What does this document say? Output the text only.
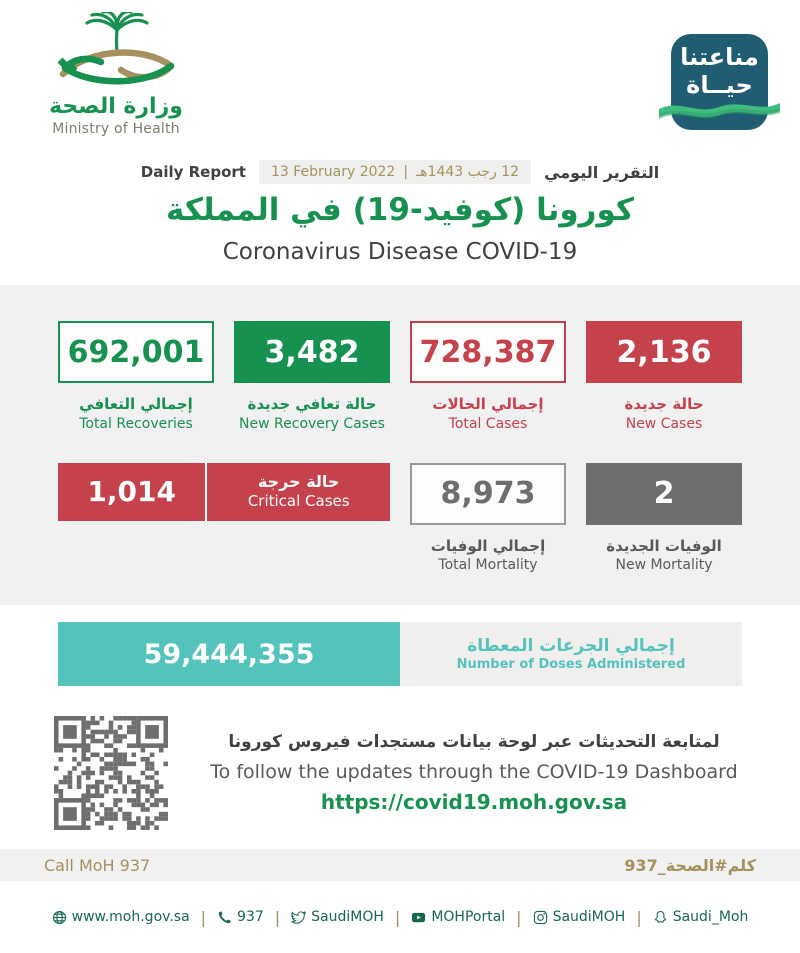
وزارة الصحة
Ministry of Health
مناعتنا
حيــاة
Daily Report 13 February 2022 | 12 رجب 1443هـ التقرير اليومي
كورونا (كوفيد-19) في المملكة
Coronavirus Disease COVID-19
692,001
إجمالي التعافي
Total Recoveries
3,482
حالة تعافي جديدة
New Recovery Cases
728,387
إجمالي الحالات
Total Cases
2,136
حالة جديدة
New Cases
1,014	حالة حرجة
Critical Cases	8,973
إجمالي الوفيات
Total Mortality
2
الوفيات الجديدة
New Mortality
59,444,355	إجمالي الجرعات المعطاة
Number of Doses Administered
لمتابعة التحديثات عبر لوحة بيانات مستجدات فيروس كورونا
To follow the updates through the COVID-19 Dashboard
https://covid19.moh.gov.sa
Call MoH 937	كلم#الصحة_937
www.moh.gov.sa | 937 | SaudiMOH | MOHPortal | SaudiMOH | Saudi_Moh
